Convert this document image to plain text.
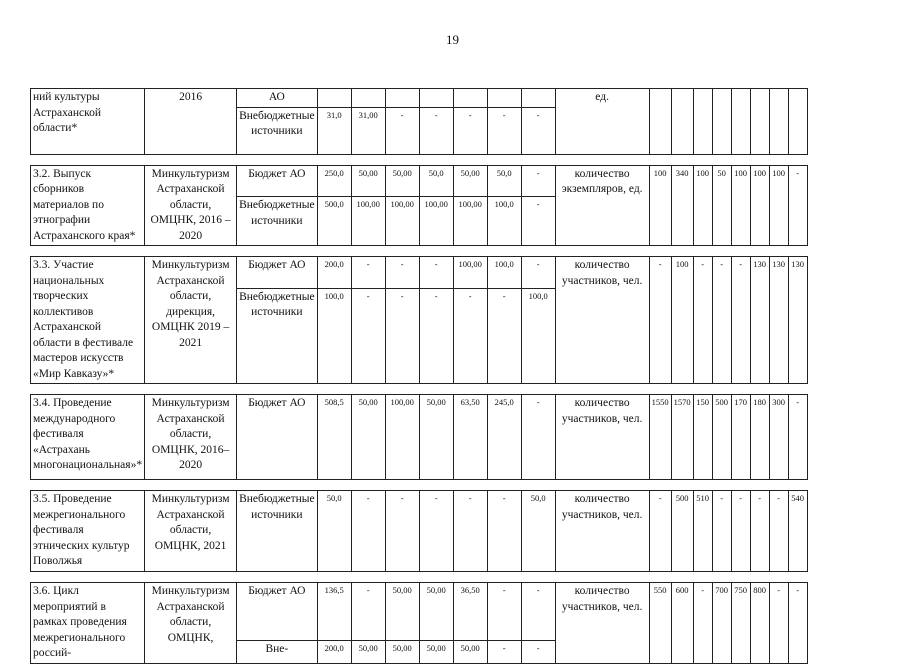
19
ний культуры Астраханской области*	2016	АО								ед.								
		Внебюджетные источники	31,0	31,00	-	-	-	-	-									

3.2. Выпуск сборников материалов по этнографии Астраханского края*	Минкультуризм Астраханской области, ОМЦНК, 2016 – 2020	Бюджет АО	250,0	50,00	50,00	50,0	50,00	50,0	-	количество экземпляров, ед.	100	340	100	50	100	100	100	-
		Внебюджетные источники	500,0	100,00	100,00	100,00	100,00	100,0	-									

3.3. Участие национальных творческих коллективов Астраханской области в фестивале мастеров искусств «Мир Кавказу»*	Минкультуризм Астраханской области, дирекция, ОМЦНК 2019 – 2021	Бюджет АО	200,0	-	-	-	100,00	100,0	-	количество участников, чел.	-	100	-	-	-	130	130	130
		Внебюджетные источники	100,0	-	-	-	-	-	100,0									

3.4. Проведение международного фестиваля «Астрахань многонациональная»*	Минкультуризм Астраханской области, ОМЦНК, 2016–2020	Бюджет АО	508,5	50,00	100,00	50,00	63,50	245,0	-	количество участников, чел.	1550	1570	150	500	170	180	300	-

3.5. Проведение межрегионального фестиваля этнических культур Поволжья	Минкультуризм Астраханской области, ОМЦНК, 2021	Внебюджетные источники	50,0	-	-	-	-	-	50,0	количество участников, чел.	-	500	510	-	-	-	-	540

3.6. Цикл мероприятий в рамках проведения межрегионального россий-	Минкультуризм Астраханской области, ОМЦНК,	Бюджет АО	136,5	-	50,00	50,00	36,50	-	-	количество участников, чел.	550	600	-	700	750	800	-	-
		Вне-	200,0	50,00	50,00	50,00	50,00	-	-									
